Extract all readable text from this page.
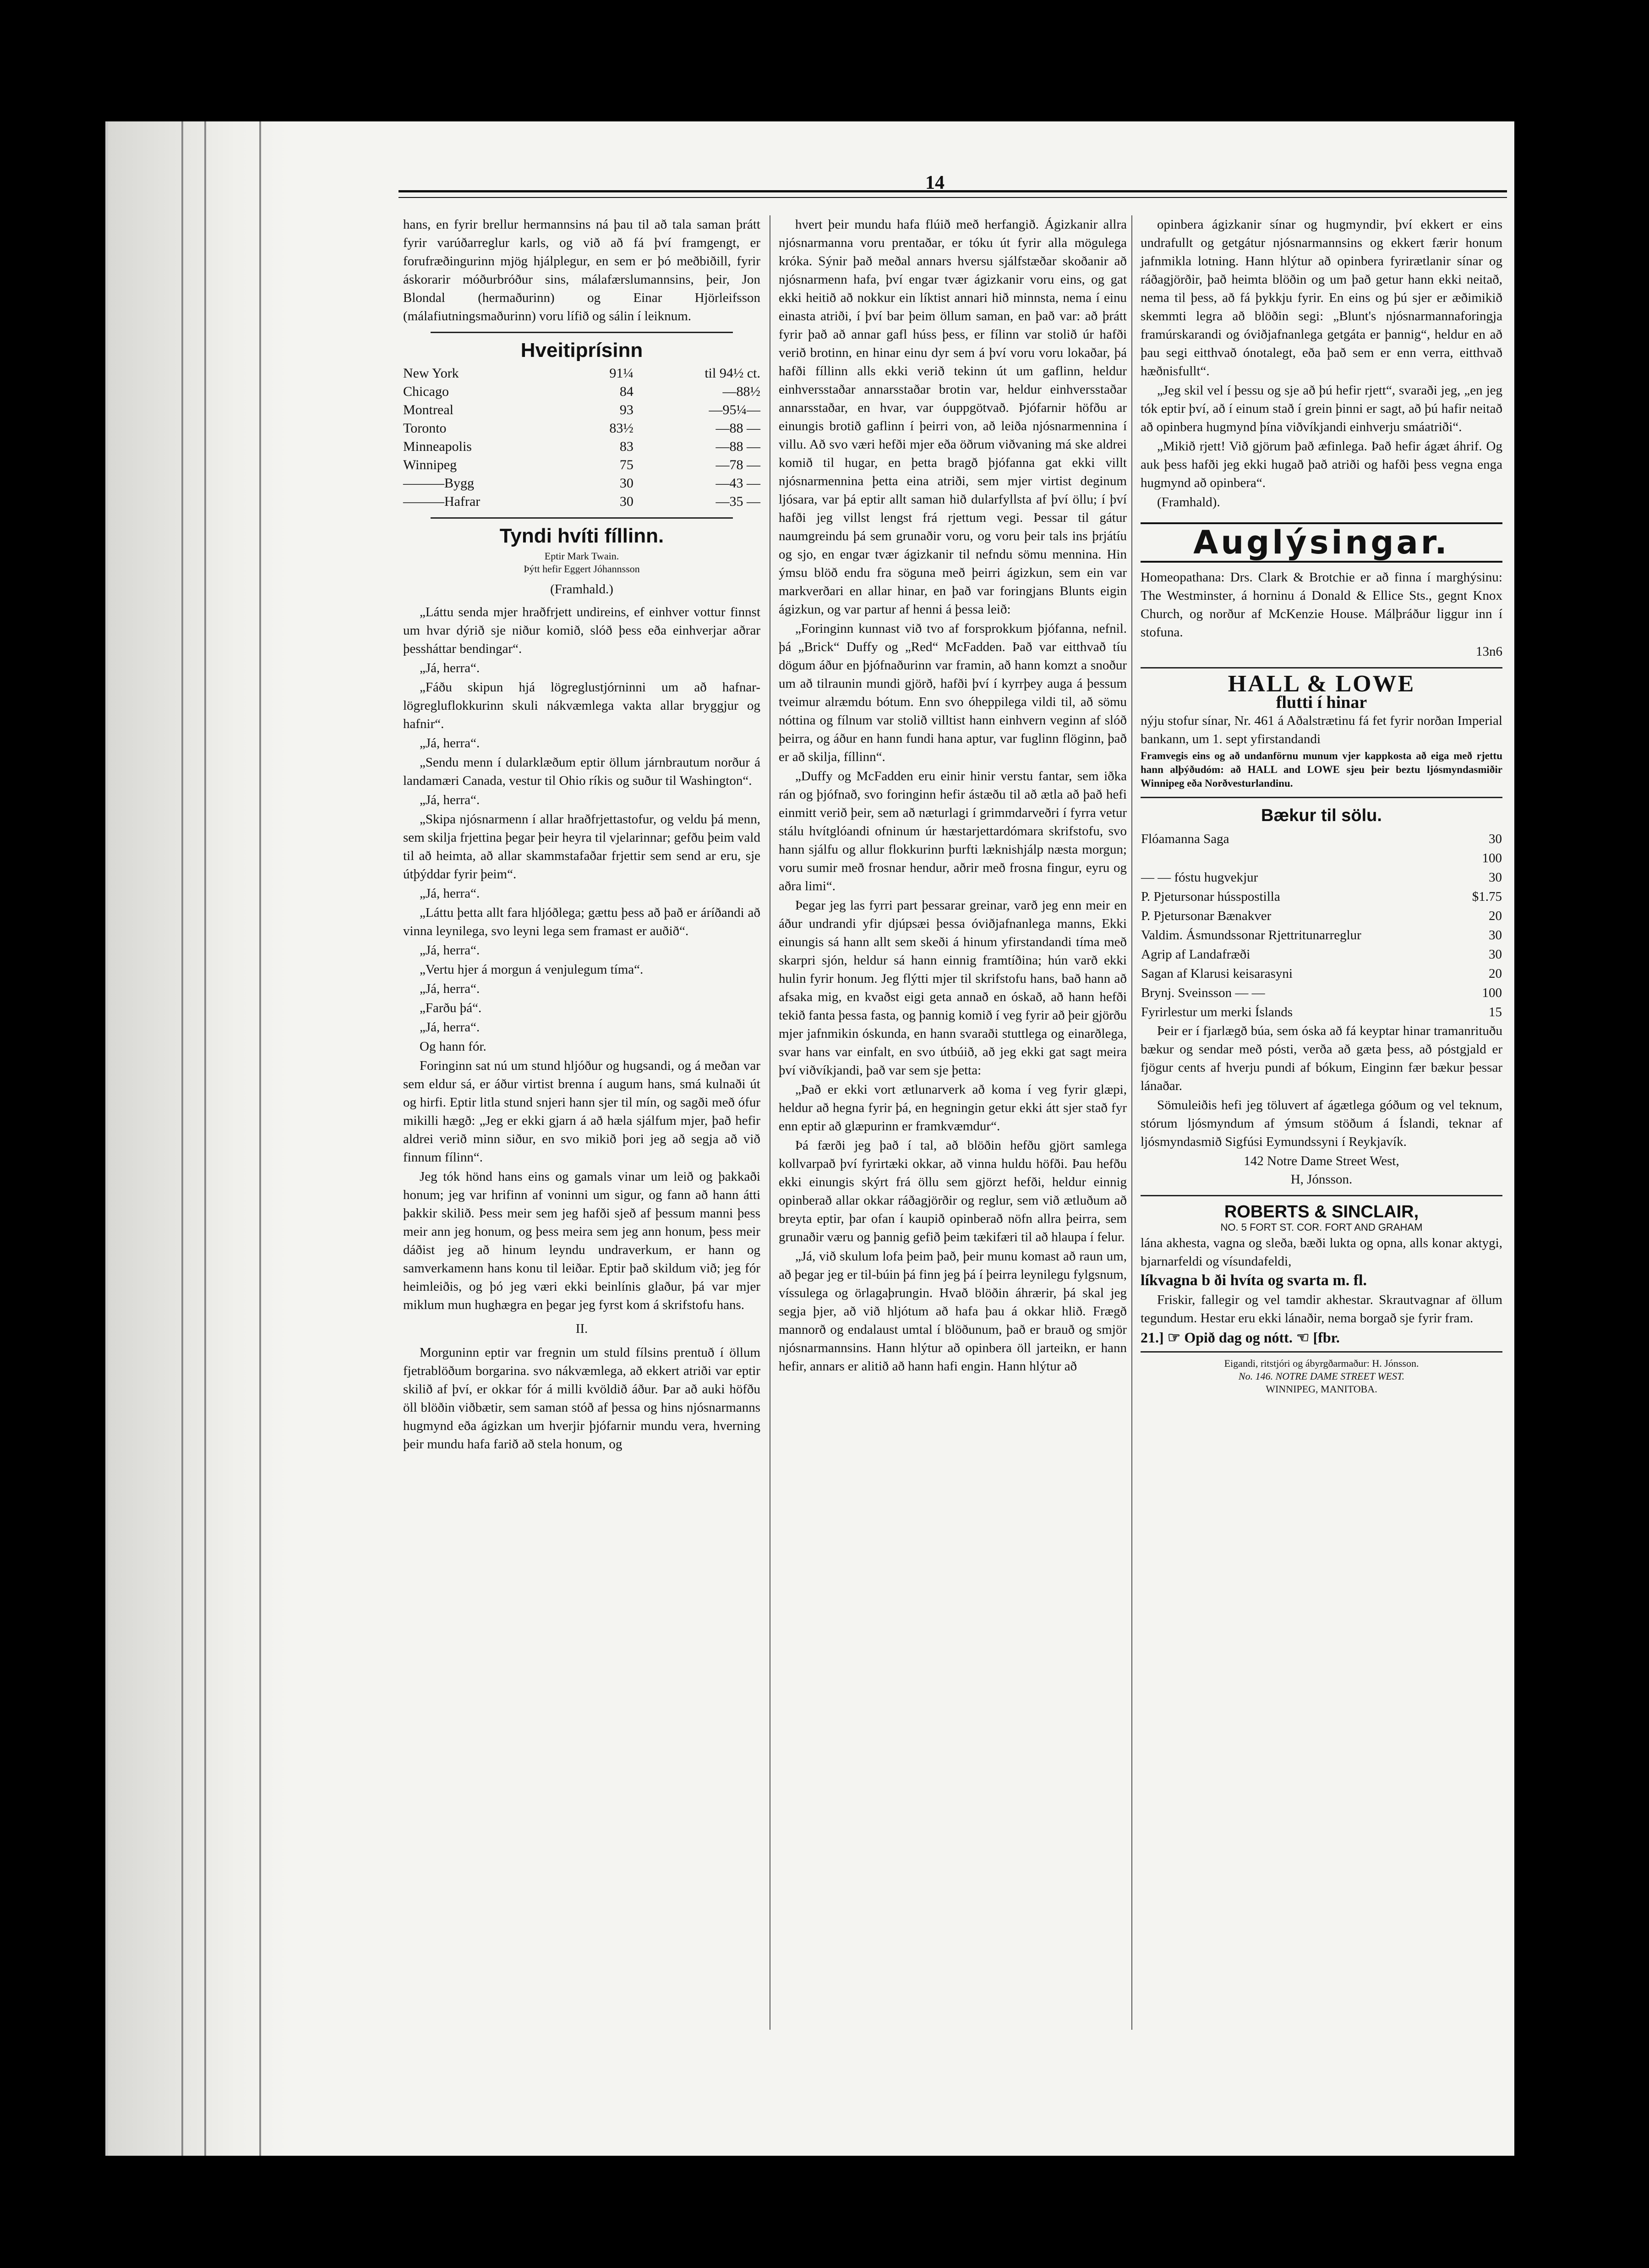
14

hans, en fyrir brellur hermannsins ná þau til að tala saman þrátt fyrir varúðarreglur karls, og við að fá því framgengt, er forufræðingurinn mjög hjálplegur, en sem er þó meðbiðill, fyrir áskorarir móðurbróður sins, málafærslumannsins, þeir, Jon Blondal (hermaðurinn) og Einar Hjörleifsson (málafiutningsmaðurinn) voru lífið og sálin í leiknum.

Hveitiprísinn
New York	91¼	til 94½ ct.
Chicago	84	—88½
Montreal	93	—95¼—
Toronto	83½	—88 —
Minneapolis	83	—88 —
Winnipeg	75	—78 —
———Bygg	30	—43 —
———Hafrar	30	—35 —
Tyndi hvíti fíllinn.
Eptir Mark Twain.
Þýtt hefir Eggert Jóhannsson
(Framhald.)

„Láttu senda mjer hraðfrjett undireins, ef einhver vottur finnst um hvar dýrið sje niður komið, slóð þess eða einhverjar aðrar þessháttar bendingar“.

„Já, herra“.

„Fáðu skipun hjá lögreglustjórninni um að hafnar-lögregluflokkurinn skuli nákvæmlega vakta allar bryggjur og hafnir“.

„Já, herra“.

„Sendu menn í dularklæðum eptir öllum járnbrautum norður á landamæri Canada, vestur til Ohio ríkis og suður til Washington“.

„Já, herra“.

„Skipa njósnarmenn í allar hraðfrjettastofur, og veldu þá menn, sem skilja frjettina þegar þeir heyra til vjelarinnar; gefðu þeim vald til að heimta, að allar skammstafaðar frjettir sem send ar eru, sje útþýddar fyrir þeim“.

„Já, herra“.

„Láttu þetta allt fara hljóðlega; gættu þess að það er áríðandi að vinna leynilega, svo leyni lega sem framast er auðið“.

„Já, herra“.

„Vertu hjer á morgun á venjulegum tíma“.

„Já, herra“.

„Farðu þá“.

„Já, herra“.

Og hann fór.

Foringinn sat nú um stund hljóður og hugsandi, og á meðan var sem eldur sá, er áður virtist brenna í augum hans, smá kulnaði út og hirfi. Eptir litla stund snjeri hann sjer til mín, og sagði með ófur mikilli hægð: „Jeg er ekki gjarn á að hæla sjálfum mjer, það hefir aldrei verið minn siður, en svo mikið þori jeg að segja að við finnum fílinn“.

Jeg tók hönd hans eins og gamals vinar um leið og þakkaði honum; jeg var hrifinn af voninni um sigur, og fann að hann átti þakkir skilið. Þess meir sem jeg hafði sjeð af þessum manni þess meir ann jeg honum, og þess meira sem jeg ann honum, þess meir dáðist jeg að hinum leyndu undraverkum, er hann og samverkamenn hans konu til leiðar. Eptir það skildum við; jeg fór heimleiðis, og þó jeg væri ekki beinlínis glaður, þá var mjer miklum mun hughægra en þegar jeg fyrst kom á skrifstofu hans.

II.

Morguninn eptir var fregnin um stuld fílsins prentuð í öllum fjetrablöðum borgarina. svo nákvæmlega, að ekkert atriði var eptir skilið af því, er okkar fór á milli kvöldið áður. Þar að auki höfðu öll blöðin viðbætir, sem saman stóð af þessa og hins njósnarmanns hugmynd eða ágizkan um hverjir þjófarnir mundu vera, hverning þeir mundu hafa farið að stela honum, og

hvert þeir mundu hafa flúið með herfangið. Ágizkanir allra njósnarmanna voru prentaðar, er tóku út fyrir alla mögulega króka. Sýnir það meðal annars hversu sjálfstæðar skoðanir að njósnarmenn hafa, því engar tvær ágizkanir voru eins, og gat ekki heitið að nokkur ein líktist annari hið minnsta, nema í einu einasta atriði, í því bar þeim öllum saman, en það var: að þrátt fyrir það að annar gafl húss þess, er fílinn var stolið úr hafði verið brotinn, en hinar einu dyr sem á því voru voru lokaðar, þá hafði fíllinn alls ekki verið tekinn út um gaflinn, heldur einhversstaðar annarsstaðar brotin var, heldur einhversstaðar annarsstaðar, en hvar, var óuppgötvað. Þjófarnir höfðu ar einungis brotið gaflinn í þeirri von, að leiða njósnarmennina í villu. Að svo væri hefði mjer eða öðrum viðvaning má ske aldrei komið til hugar, en þetta bragð þjófanna gat ekki villt njósnarmennina þetta eina atriði, sem mjer virtist deginum ljósara, var þá eptir allt saman hið dularfyllsta af því öllu; í því hafði jeg villst lengst frá rjettum vegi. Þessar til gátur naumgreindu þá sem grunaðir voru, og voru þeir tals ins þrjátíu og sjo, en engar tvær ágizkanir til nefndu sömu mennina. Hin ýmsu blöð endu fra söguna með þeirri ágizkun, sem ein var markverðari en allar hinar, en það var foringjans Blunts eigin ágizkun, og var partur af henni á þessa leið:

„Foringinn kunnast við tvo af forsprokkum þjófanna, nefnil. þá „Brick“ Duffy og „Red“ McFadden. Það var eitthvað tíu dögum áður en þjófnaðurinn var framin, að hann komzt a snoður um að tilraunin mundi gjörð, hafði því í kyrrþey auga á þessum tveimur alræmdu bótum. Enn svo óheppilega vildi til, að sömu nóttina og fílnum var stolið villtist hann einhvern veginn af slóð þeirra, og áður en hann fundi hana aptur, var fuglinn flöginn, það er að skilja, fíllinn“.

„Duffy og McFadden eru einir hinir verstu fantar, sem iðka rán og þjófnað, svo foringinn hefir ástæðu til að ætla að það hefi einmitt verið þeir, sem að næturlagi í grimmdarveðri í fyrra vetur stálu hvítglóandi ofninum úr hæstarjettardómara skrifstofu, svo hann sjálfu og allur flokkurinn þurfti læknishjálp næsta morgun; voru sumir með frosnar hendur, aðrir með frosna fingur, eyru og aðra limi“.

Þegar jeg las fyrri part þessarar greinar, varð jeg enn meir en áður undrandi yfir djúpsæi þessa óviðjafnanlega manns, Ekki einungis sá hann allt sem skeði á hinum yfirstandandi tíma með skarpri sjón, heldur sá hann einnig framtíðina; hún varð ekki hulin fyrir honum. Jeg flýtti mjer til skrifstofu hans, bað hann að afsaka mig, en kvaðst eigi geta annað en óskað, að hann hefði tekið fanta þessa fasta, og þannig komið í veg fyrir að þeir gjörðu mjer jafnmikin óskunda, en hann svaraði stuttlega og einarðlega, svar hans var einfalt, en svo útbúið, að jeg ekki gat sagt meira því viðvíkjandi, það var sem sje þetta:

„Það er ekki vort ætlunarverk að koma í veg fyrir glæpi, heldur að hegna fyrir þá, en hegningin getur ekki átt sjer stað fyr enn eptir að glæpurinn er framkvæmdur“.

Þá færði jeg það í tal, að blöðin hefðu gjört samlega kollvarpað því fyrirtæki okkar, að vinna huldu höfði. Þau hefðu ekki einungis skýrt frá öllu sem gjörzt hefði, heldur einnig opinberað allar okkar ráðagjörðir og reglur, sem við ætluðum að breyta eptir, þar ofan í kaupið opinberað nöfn allra þeirra, sem grunaðir væru og þannig gefið þeim tækifæri til að hlaupa í felur.

„Já, við skulum lofa þeim það, þeir munu komast að raun um, að þegar jeg er til-búin þá finn jeg þá í þeirra leynilegu fylgsnum, víssulega og örlagaþrungin. Hvað blöðin áhrærir, þá skal jeg segja þjer, að við hljótum að hafa þau á okkar hlið. Frægð mannorð og endalaust umtal í blöðunum, það er brauð og smjör njósnarmannsins. Hann hlýtur að opinbera öll jarteikn, er hann hefir, annars er alitið að hann hafi engin. Hann hlýtur að

opinbera ágizkanir sínar og hugmyndir, því ekkert er eins undrafullt og getgátur njósnarmannsins og ekkert færir honum jafnmikla lotning. Hann hlýtur að opinbera fyrirætlanir sínar og ráðagjörðir, það heimta blöðin og um það getur hann ekki neitað, nema til þess, að fá þykkju fyrir. En eins og þú sjer er æðimikið skemmti legra að blöðin segi: „Blunt's njósnarmannaforingja framúrskarandi og óviðjafnanlega getgáta er þannig“, heldur en að þau segi eitthvað ónotalegt, eða það sem er enn verra, eitthvað hæðnisfullt“.

„Jeg skil vel í þessu og sje að þú hefir rjett“, svaraði jeg, „en jeg tók eptir því, að í einum stað í grein þinni er sagt, að þú hafir neitað að opinbera hugmynd þína viðvíkjandi einhverju smáatriði“.

„Mikið rjett! Við gjörum það æfinlega. Það hefir ágæt áhrif. Og auk þess hafði jeg ekki hugað það atriði og hafði þess vegna enga hugmynd að opinbera“.

(Framhald).

Auglýsingar.

Homeopathana: Drs. Clark & Brotchie er að finna í marghýsinu: The Westminster, á horninu á Donald & Ellice Sts., gegnt Knox Church, og norður af McKenzie House. Málþráður liggur inn í stofuna.

13n6
HALL & LOWE
flutti í hinar

nýju stofur sínar, Nr. 461 á Aðalstrætinu fá fet fyrir norðan Imperial bankann, um 1. sept yfirstandandi

Framvegis eins og að undanförnu munum vjer kappkosta að eiga með rjettu hann alþýðudóm: að HALL and LOWE sjeu þeir beztu ljósmyndasmiðir Winnipeg eða Norðvesturlandinu.

Bækur til sölu.
Flóamanna Saga	30
	100
— — fóstu hugvekjur	30
P. Pjetursonar hússpostilla	$1.75
P. Pjetursonar Bænakver	20
Valdim. Ásmundssonar Rjettritunarreglur	30
Agrip af Landafræði	30
Sagan af Klarusi keisarasyni	20
Brynj. Sveinsson — —	100
Fyrirlestur um merki Íslands	15

Þeir er í fjarlægð búa, sem óska að fá keyptar hinar tramanrituðu bækur og sendar með pósti, verða að gæta þess, að póstgjald er fjögur cents af hverju pundi af bókum, Einginn fær bækur þessar lánaðar.

Sömuleiðis hefi jeg töluvert af ágætlega góðum og vel teknum, stórum ljósmyndum af ýmsum stöðum á Íslandi, teknar af ljósmyndasmið Sigfúsi Eymundssyni í Reykjavík.

142 Notre Dame Street West,
H, Jónsson.
ROBERTS & SINCLAIR,
NO. 5 FORT ST. COR. FORT AND GRAHAM

lána akhesta, vagna og sleða, bæði lukta og opna, alls konar aktygi, bjarnarfeldi og vísundafeldi,

líkvagna b ði hvíta og svarta m. fl.

Friskir, fallegir og vel tamdir akhestar. Skrautvagnar af öllum tegundum. Hestar eru ekki lánaðir, nema borgað sje fyrir fram.

21.] ☞ Opið dag og nótt. ☜ [fbr.

Eigandi, ritstjóri og ábyrgðarmaður: H. Jónsson.
No. 146. NOTRE DAME STREET WEST.
WINNIPEG, MANITOBA.
